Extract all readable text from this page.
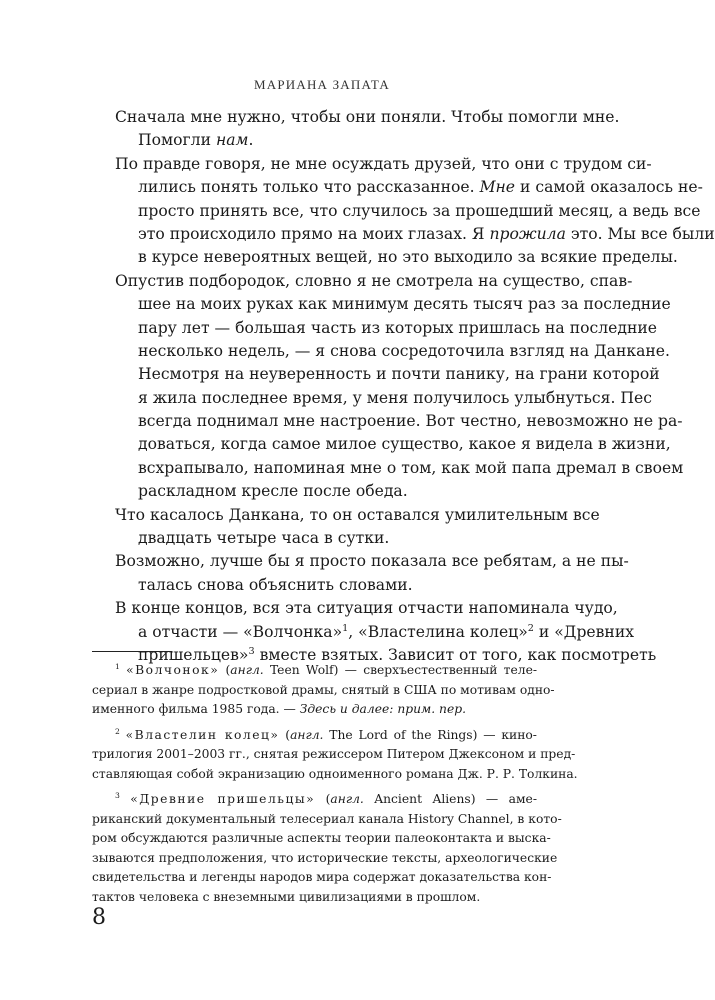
МАРИАНА ЗАПАТА

Сначала мне нужно, чтобы они поняли. Чтобы помогли мне.
Помогли нам.

По правде говоря, не мне осуждать друзей, что они с трудом си-
лились понять только что рассказанное. Мне и самой оказалось не-
просто принять все, что случилось за прошедший месяц, а ведь все
это происходило прямо на моих глазах. Я прожила это. Мы все были
в курсе невероятных вещей, но это выходило за всякие пределы.

Опустив подбородок, словно я не смотрела на существо, спав-
шее на моих руках как минимум десять тысяч раз за последние
пару лет — большая часть из которых пришлась на последние
несколько недель, — я снова сосредоточила взгляд на Данкане.
Несмотря на неуверенность и почти панику, на грани которой
я жила последнее время, у меня получилось улыбнуться. Пес
всегда поднимал мне настроение. Вот честно, невозможно не ра-
доваться, когда самое милое существо, какое я видела в жизни,
всхрапывало, напоминая мне о том, как мой папа дремал в своем
раскладном кресле после обеда.

Что касалось Данкана, то он оставался умилительным все
двадцать четыре часа в сутки.

Возможно, лучше бы я просто показала все ребятам, а не пы-
талась снова объяснить словами.

В конце концов, вся эта ситуация отчасти напоминала чудо,
а отчасти — «Волчонка»$^1$, «Властелина колец»$^2$ и «Древних
пришельцев»$^3$ вместе взятых. Зависит от того, как посмотреть

$^1$ «Волчонок» (англ. Teen Wolf) — сверхъестественный теле-
сериал в жанре подростковой драмы, снятый в США по мотивам одно-
именного фильма 1985 года. — Здесь и далее: прим. пер.
$^2$ «Властелин колец» (англ. The Lord of the Rings) — кино-
трилогия 2001–2003 гг., снятая режиссером Питером Джексоном и пред-
ставляющая собой экранизацию одноименного романа Дж. Р. Р. Толкина.
$^3$ «Древние пришельцы» (англ. Ancient Aliens) — аме-
риканский документальный телесериал канала History Channel, в кото-
ром обсуждаются различные аспекты теории палеоконтакта и выска-
зываются предположения, что исторические тексты, археологические
свидетельства и легенды народов мира содержат доказательства кон-
тактов человека с внеземными цивилизациями в прошлом.
8
